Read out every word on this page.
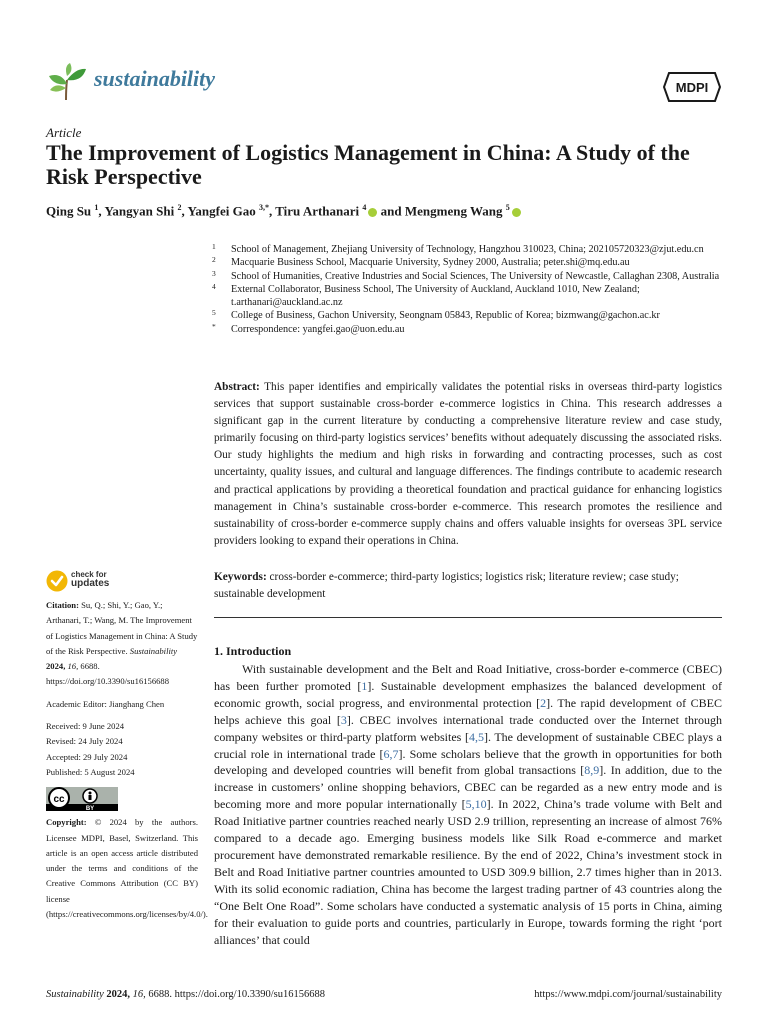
sustainability	MDPI
Article
The Improvement of Logistics Management in China: A Study of the Risk Perspective
Qing Su $^1$, Yangyan Shi $^2$, Yangfei Gao $^{3,*}$, Tiru Arthanari $^4$ and Mengmeng Wang $^5$
1 School of Management, Zhejiang University of Technology, Hangzhou 310023, China; 202105720323@zjut.edu.cn
2 Macquarie Business School, Macquarie University, Sydney 2000, Australia; peter.shi@mq.edu.au
3 School of Humanities, Creative Industries and Social Sciences, The University of Newcastle, Callaghan 2308, Australia
4 External Collaborator, Business School, The University of Auckland, Auckland 1010, New Zealand; t.arthanari@auckland.ac.nz
5 College of Business, Gachon University, Seongnam 05843, Republic of Korea; bizmwang@gachon.ac.kr
* Correspondence: yangfei.gao@uon.edu.au
Abstract: This paper identifies and empirically validates the potential risks in overseas third-party logistics services that support sustainable cross-border e-commerce logistics in China. This research addresses a significant gap in the current literature by conducting a comprehensive literature review and case study, primarily focusing on third-party logistics services’ benefits without adequately discussing the associated risks. Our study highlights the medium and high risks in forwarding and contracting processes, such as cost uncertainty, quality issues, and cultural and language differences. The findings contribute to academic research and practical applications by providing a theoretical foundation and practical guidance for enhancing logistics management in China’s sustainable cross-border e-commerce. This research promotes the resilience and sustainability of cross-border e-commerce supply chains and offers valuable insights for overseas 3PL service providers looking to expand their operations in China.
Keywords: cross-border e-commerce; third-party logistics; logistics risk; literature review; case study; sustainable development
1. Introduction
With sustainable development and the Belt and Road Initiative, cross-border e-commerce (CBEC) has been further promoted [1]. Sustainable development emphasizes the balanced development of economic growth, social progress, and environmental protection [2]. The rapid development of CBEC helps achieve this goal [3]. CBEC involves international trade conducted over the Internet through company websites or third-party platform websites [4,5]. The development of sustainable CBEC plays a crucial role in international trade [6,7]. Some scholars believe that the growth in opportunities for both developing and developed countries will benefit from global transactions [8,9]. In addition, due to the increase in customers’ online shopping behaviors, CBEC can be regarded as a new entry mode and is becoming more and more popular internationally [5,10]. In 2022, China’s trade volume with Belt and Road Initiative partner countries reached nearly USD 2.9 trillion, representing an increase of almost 76% compared to a decade ago. Emerging business models like Silk Road e-commerce and market procurement have demonstrated remarkable resilience. By the end of 2022, China’s investment stock in Belt and Road Initiative partner countries amounted to USD 309.9 billion, 2.7 times higher than in 2013. With its solid economic radiation, China has become the largest trading partner of 43 countries along the “One Belt One Road”. Some scholars have conducted a systematic analysis of 15 ports in China, aiming for their evaluation to guide ports and countries, particularly in Europe, towards forming the right ‘port alliances’ that could
check for
updates
Citation: Su, Q.; Shi, Y.; Gao, Y.; Arthanari, T.; Wang, M. The Improvement of Logistics Management in China: A Study of the Risk Perspective. Sustainability 2024, 16, 6688. https://doi.org/10.3390/su16156688
Academic Editor: Jianghang Chen
Received: 9 June 2024
Revised: 24 July 2024
Accepted: 29 July 2024
Published: 5 August 2024
cc
BY
Copyright: © 2024 by the authors. Licensee MDPI, Basel, Switzerland. This article is an open access article distributed under the terms and conditions of the Creative Commons Attribution (CC BY) license (https://creativecommons.org/licenses/by/4.0/).
Sustainability 2024, 16, 6688. https://doi.org/10.3390/su16156688	https://www.mdpi.com/journal/sustainability
